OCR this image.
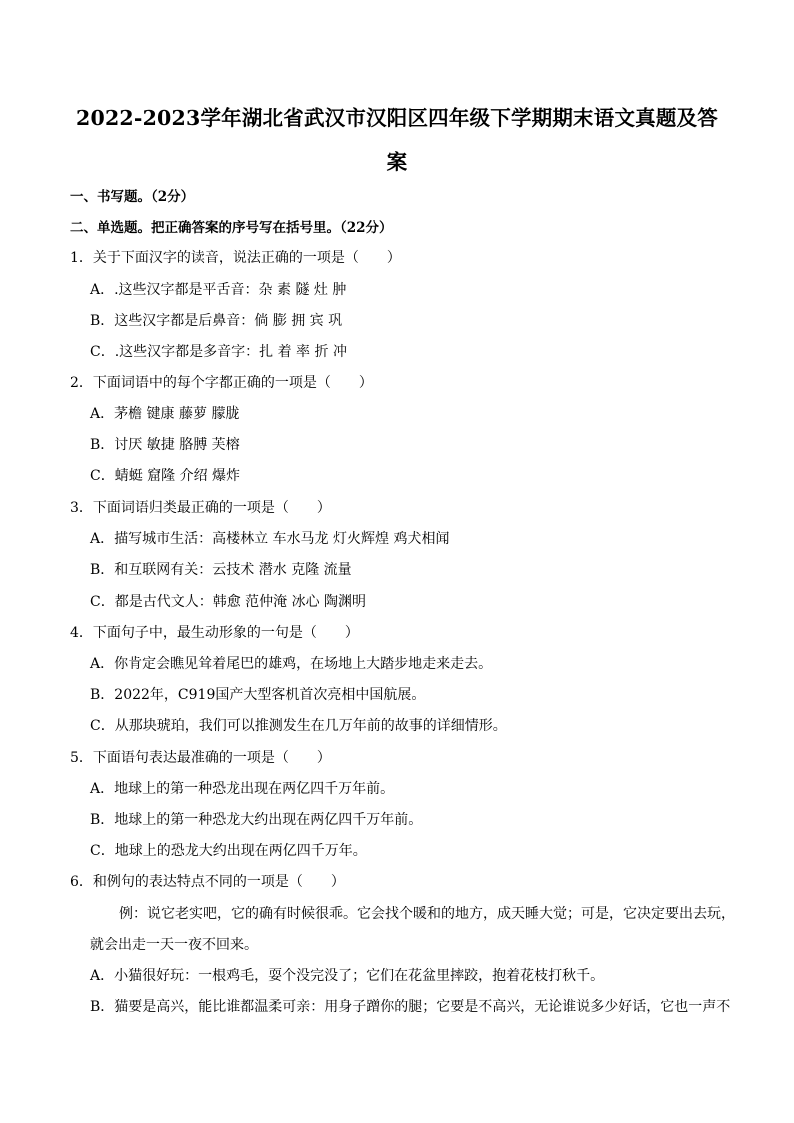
2022-2023学年湖北省武汉市汉阳区四年级下学期期末语文真题及答
案
一、书写题。（2分）
二、单选题。把正确答案的序号写在括号里。（22分）
1．关于下面汉字的读音，说法正确的一项是（　　）
A．.这些汉字都是平舌音：杂 素 隧 灶 肿
B．这些汉字都是后鼻音：倘 膨 拥 宾 巩
C．.这些汉字都是多音字：扎 着 率 折 冲
2．下面词语中的每个字都正确的一项是（　　）
A．茅檐 键康 藤萝 朦胧
B．讨厌 敏捷 胳膊 芙榕
C．蜻蜓 窟隆 介绍 爆炸
3．下面词语归类最正确的一项是（　　）
A．描写城市生活：高楼林立 车水马龙 灯火辉煌 鸡犬相闻
B．和互联网有关：云技术 潜水 克隆 流量
C．都是古代文人：韩愈 范仲淹 冰心 陶渊明
4．下面句子中，最生动形象的一句是（　　）
A．你肯定会瞧见耸着尾巴的雄鸡，在场地上大踏步地走来走去。
B．2022年，C919国产大型客机首次亮相中国航展。
C．从那块琥珀，我们可以推测发生在几万年前的故事的详细情形。
5．下面语句表达最准确的一项是（　　）
A．地球上的第一种恐龙出现在两亿四千万年前。
B．地球上的第一种恐龙大约出现在两亿四千万年前。
C．地球上的恐龙大约出现在两亿四千万年。
6．和例句的表达特点不同的一项是（　　）
例：说它老实吧，它的确有时候很乖。它会找个暖和的地方，成天睡大觉；可是，它决定要出去玩，
就会出走一天一夜不回来。
A．小猫很好玩：一根鸡毛，耍个没完没了；它们在花盆里摔跤，抱着花枝打秋千。
B．猫要是高兴，能比谁都温柔可亲：用身子蹭你的腿；它要是不高兴，无论谁说多少好话，它也一声不
